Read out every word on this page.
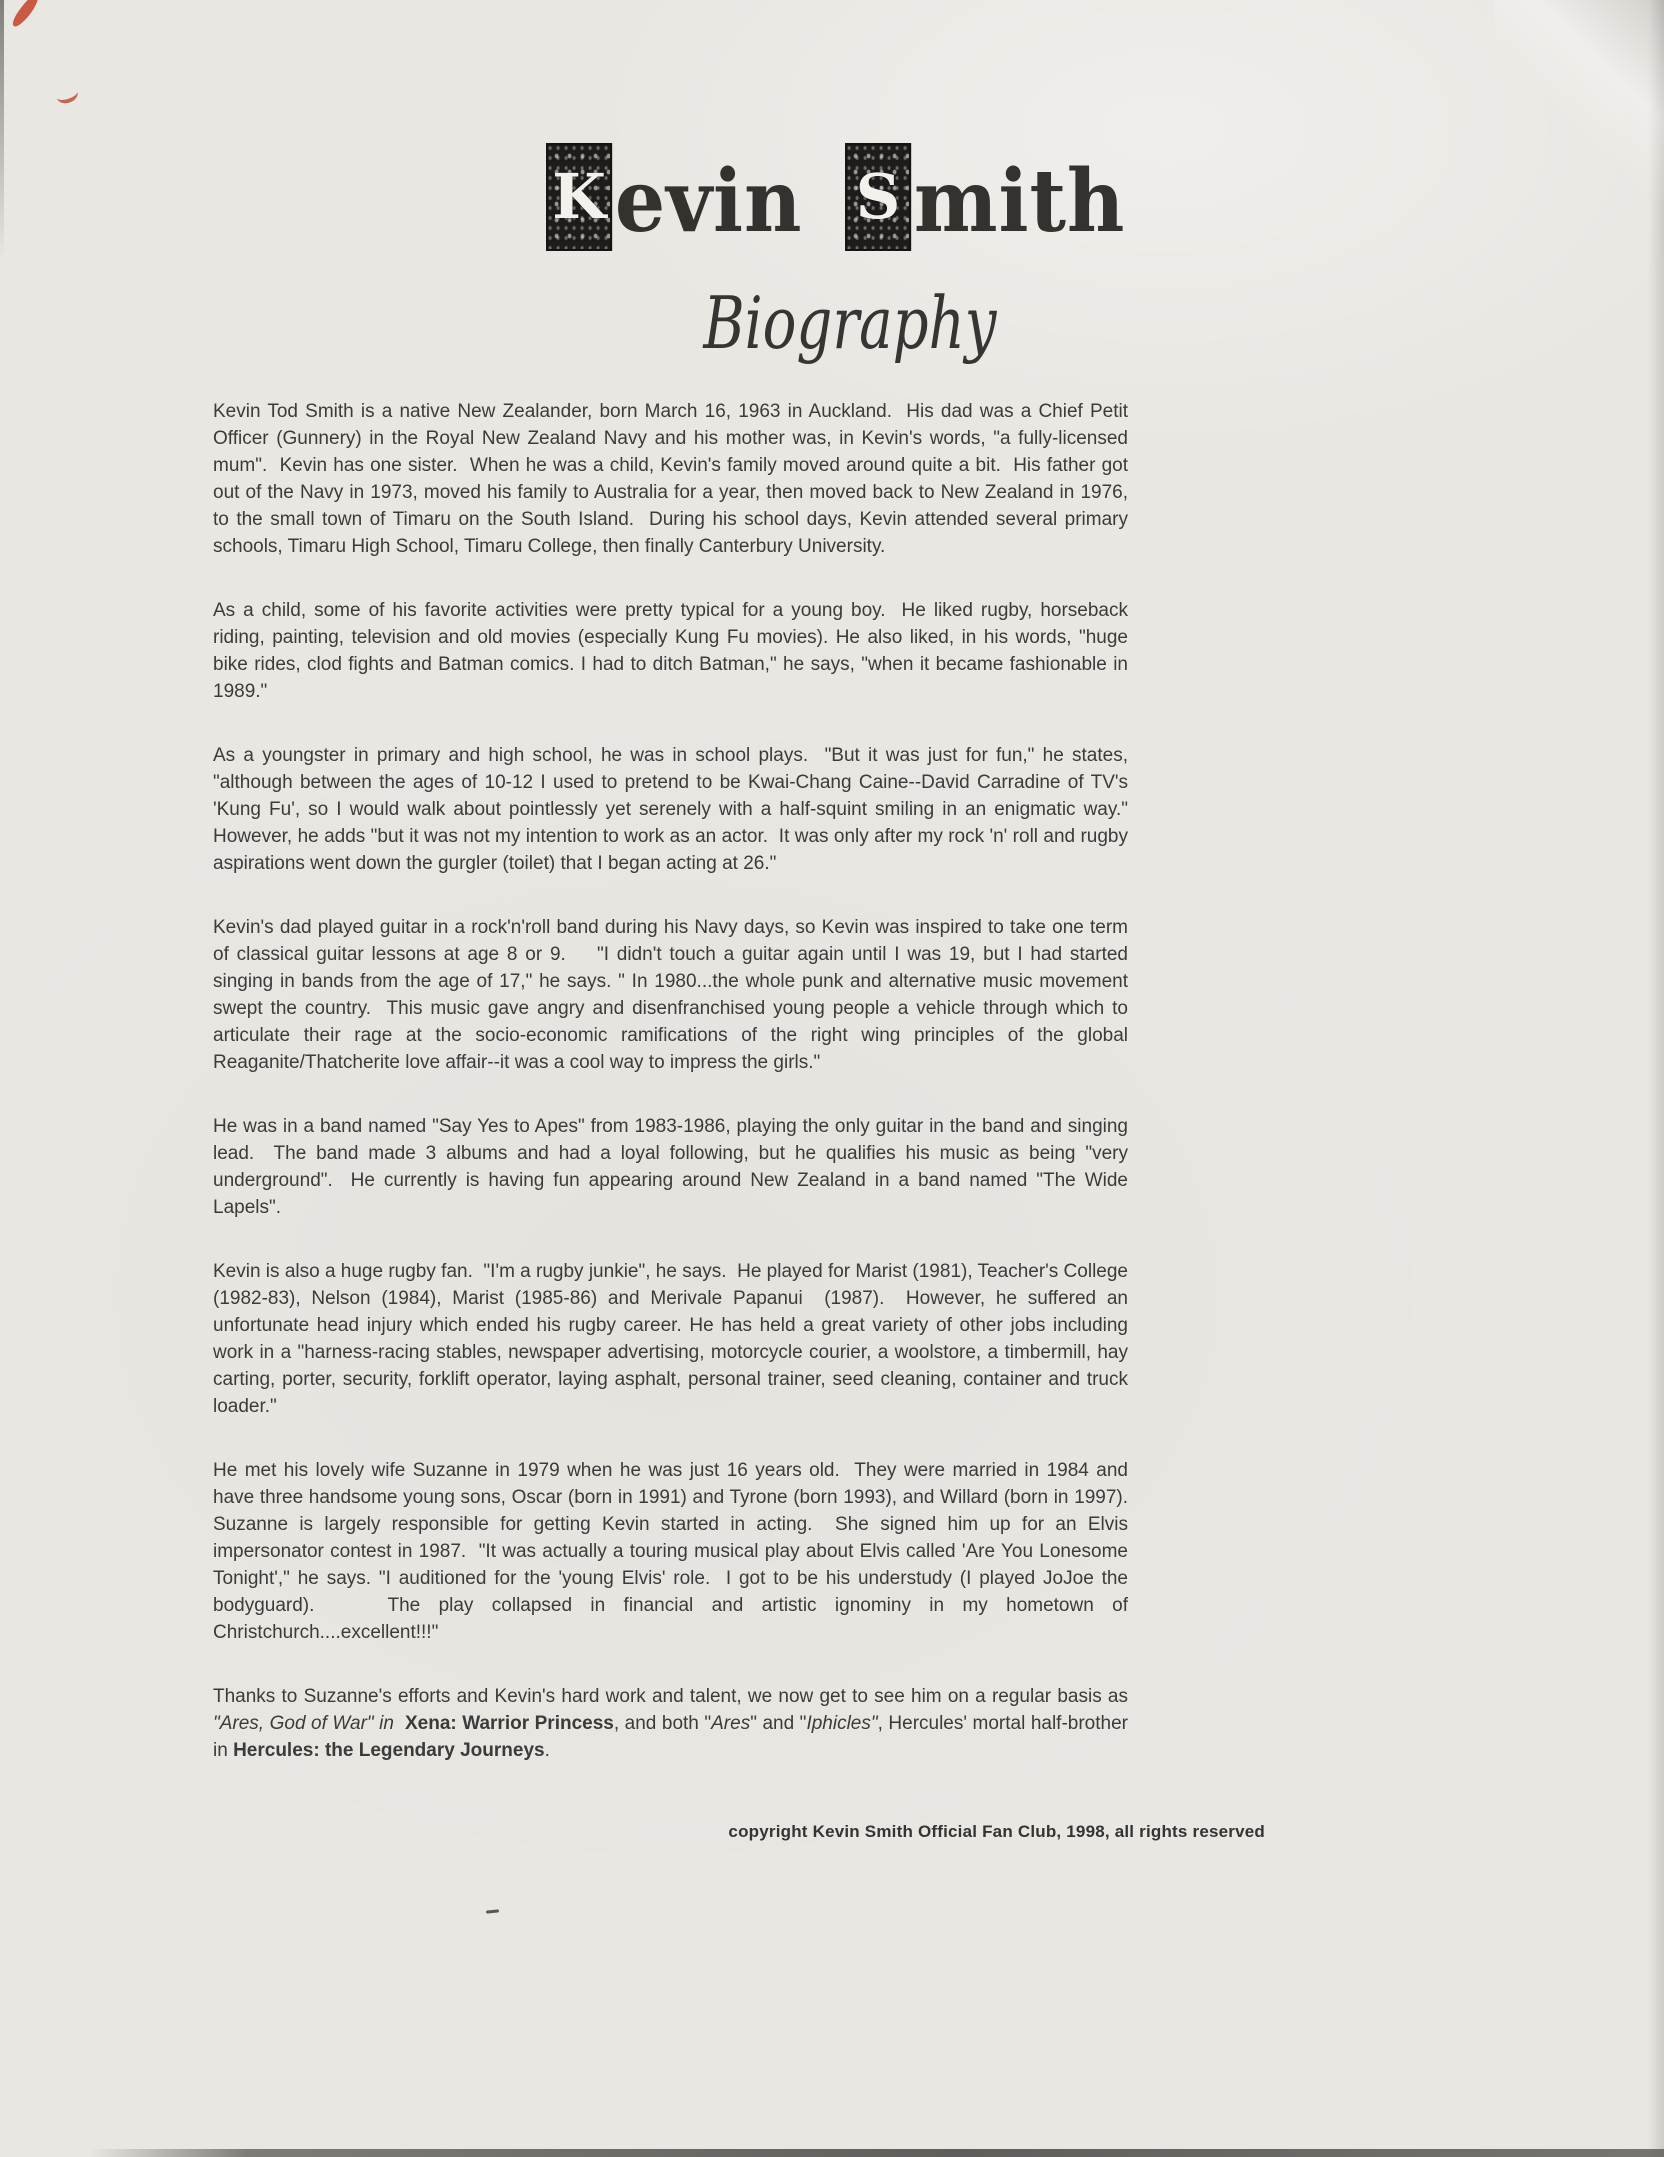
K evin S mith
Biography

Kevin Tod Smith is a native New Zealander, born March 16, 1963 in Auckland.  His dad was a Chief Petit Officer (Gunnery) in the Royal New Zealand Navy and his mother was, in Kevin's words, "a fully-licensed mum".  Kevin has one sister.  When he was a child, Kevin's family moved around quite a bit.  His father got out of the Navy in 1973, moved his family to Australia for a year, then moved back to New Zealand in 1976, to the small town of Timaru on the South Island.  During his school days, Kevin attended several primary schools, Timaru High School, Timaru College, then finally Canterbury University.

As a child, some of his favorite activities were pretty typical for a young boy.  He liked rugby, horseback riding, painting, television and old movies (especially Kung Fu movies). He also liked, in his words, "huge bike rides, clod fights and Batman comics. I had to ditch Batman," he says, "when it became fashionable in 1989."

As a youngster in primary and high school, he was in school plays.  "But it was just for fun," he states, "although between the ages of 10-12 I used to pretend to be Kwai-Chang Caine--David Carradine of TV's 'Kung Fu', so I would walk about pointlessly yet serenely with a half-squint smiling in an enigmatic way." However, he adds "but it was not my intention to work as an actor.  It was only after my rock 'n' roll and rugby aspirations went down the gurgler (toilet) that I began acting at 26."

Kevin's dad played guitar in a rock'n'roll band during his Navy days, so Kevin was inspired to take one term of classical guitar lessons at age 8 or 9.    "I didn't touch a guitar again until I was 19, but I had started singing in bands from the age of 17," he says. " In 1980...the whole punk and alternative music movement swept the country.  This music gave angry and disenfranchised young people a vehicle through which to articulate their rage at the socio-economic ramifications of the right wing principles of the global Reaganite/Thatcherite love affair--it was a cool way to impress the girls."

He was in a band named "Say Yes to Apes" from 1983-1986, playing the only guitar in the band and singing lead.  The band made 3 albums and had a loyal following, but he qualifies his music as being "very underground".  He currently is having fun appearing around New Zealand in a band named "The Wide Lapels".

Kevin is also a huge rugby fan.  "I'm a rugby junkie", he says.  He played for Marist (1981), Teacher's College (1982-83), Nelson (1984), Marist (1985-86) and Merivale Papanui  (1987).  However, he suffered an unfortunate head injury which ended his rugby career. He has held a great variety of other jobs including work in a "harness-racing stables, newspaper advertising, motorcycle courier, a woolstore, a timbermill, hay carting, porter, security, forklift operator, laying asphalt, personal trainer, seed cleaning, container and truck loader."

He met his lovely wife Suzanne in 1979 when he was just 16 years old.  They were married in 1984 and have three handsome young sons, Oscar (born in 1991) and Tyrone (born 1993), and Willard (born in 1997).  Suzanne is largely responsible for getting Kevin started in acting.  She signed him up for an Elvis impersonator contest in 1987.  "It was actually a touring musical play about Elvis called 'Are You Lonesome Tonight'," he says. "I auditioned for the 'young Elvis' role.  I got to be his understudy (I played JoJoe the bodyguard).    The play collapsed in financial and artistic ignominy in my hometown of Christchurch....excellent!!!"

Thanks to Suzanne's efforts and Kevin's hard work and talent, we now get to see him on a regular basis as "Ares, God of War" in  Xena: Warrior Princess, and both "Ares" and "Iphicles", Hercules' mortal half-brother in Hercules: the Legendary Journeys.

copyright Kevin Smith Official Fan Club, 1998, all rights reserved
